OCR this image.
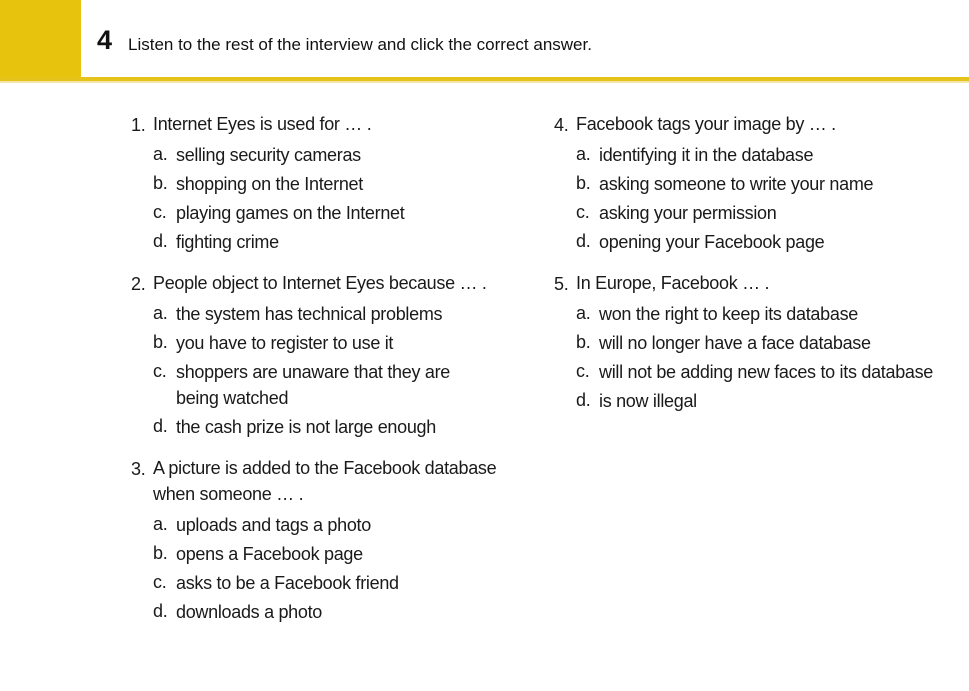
4 Listen to the rest of the interview and click the correct answer.
1. Internet Eyes is used for … .
a. selling security cameras
b. shopping on the Internet
c. playing games on the Internet
d. fighting crime
2. People object to Internet Eyes because … .
a. the system has technical problems
b. you have to register to use it
c. shoppers are unaware that they are being watched
d. the cash prize is not large enough
3. A picture is added to the Facebook database when someone … .
a. uploads and tags a photo
b. opens a Facebook page
c. asks to be a Facebook friend
d. downloads a photo
4. Facebook tags your image by … .
a. identifying it in the database
b. asking someone to write your name
c. asking your permission
d. opening your Facebook page
5. In Europe, Facebook … .
a. won the right to keep its database
b. will no longer have a face database
c. will not be adding new faces to its database
d. is now illegal
